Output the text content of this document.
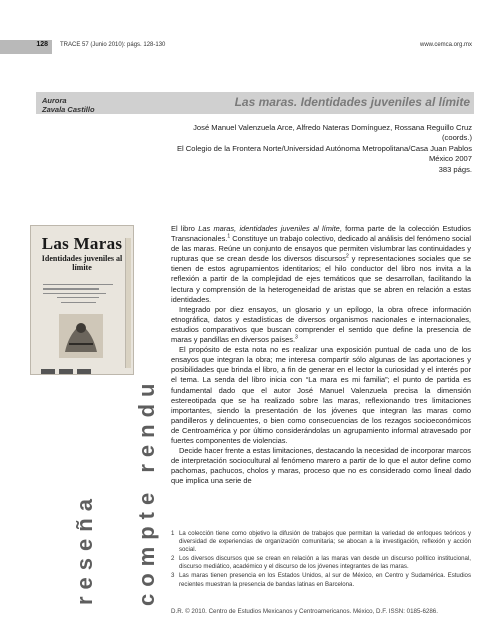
128 TRACE 57 (Junio 2010): págs. 128-130	www.cemca.org.mx
Aurora
Zavala Castillo
Las maras. Identidades juveniles al límite
José Manuel Valenzuela Arce, Alfredo Nateras Domínguez, Rossana Reguillo Cruz
(coords.)
El Colegio de la Frontera Norte/Universidad Autónoma Metropolitana/Casa Juan Pablos
México 2007
383 págs.
Las Maras
Identidades juveniles al límite
reseña compte rendu

El libro Las maras, identidades juveniles al límite, forma parte de la colección Estudios Transnacionales.$^1$ Constituye un trabajo colectivo, dedicado al análisis del fenómeno social de las maras. Reúne un conjunto de ensayos que permiten vislumbrar las continuidades y rupturas que se crean desde los diversos discursos$^2$ y representaciones sociales que se tienen de estos agrupamientos identitarios; el hilo conductor del libro nos invita a la reflexión a partir de la complejidad de ejes temáticos que se desarrollan, facilitando la lectura y comprensión de la heterogeneidad de aristas que se abren en relación a estas identidades.

Integrado por diez ensayos, un glosario y un epílogo, la obra ofrece información etnográfica, datos y estadísticas de diversos organismos nacionales e internacionales, estudios comparativos que buscan comprender el sentido que define la presencia de maras y pandillas en diversos países.$^3$

El propósito de esta nota no es realizar una exposición puntual de cada uno de los ensayos que integran la obra; me interesa compartir sólo algunas de las aportaciones y posibilidades que brinda el libro, a fin de generar en el lector la curiosidad y el interés por el tema. La senda del libro inicia con “La mara es mi familia”; el punto de partida es fundamental dado que el autor José Manuel Valenzuela precisa la dimensión estereotipada que se ha realizado sobre las maras, reflexionando tres limitaciones importantes, siendo la presentación de los jóvenes que integran las maras como pandilleros y delincuentes, o bien como consecuencias de los rezagos socioeconómicos de Centroamérica y por último considerándolas un agrupamiento informal atravesado por fuertes componentes de violencias.

Decide hacer frente a estas limitaciones, destacando la necesidad de incorporar marcos de interpretación sociocultural al fenómeno marero a partir de lo que el autor define como pachomas, pachucos, cholos y maras, proceso que no es considerado como lineal dado que implica una serie de

1 La colección tiene como objetivo la difusión de trabajos que permitan la variedad de enfoques teóricos y diversidad de experiencias de organización comunitaria; se abocan a la investigación, reflexión y acción social.
2 Los diversos discursos que se crean en relación a las maras van desde un discurso político institucional, discurso mediático, académico y el discurso de los jóvenes integrantes de las maras.
3 Las maras tienen presencia en los Estados Unidos, al sur de México, en Centro y Sudamérica. Estudios recientes muestran la presencia de bandas latinas en Barcelona.
D.R. © 2010. Centro de Estudios Mexicanos y Centroamericanos. México, D.F. ISSN: 0185-6286.
